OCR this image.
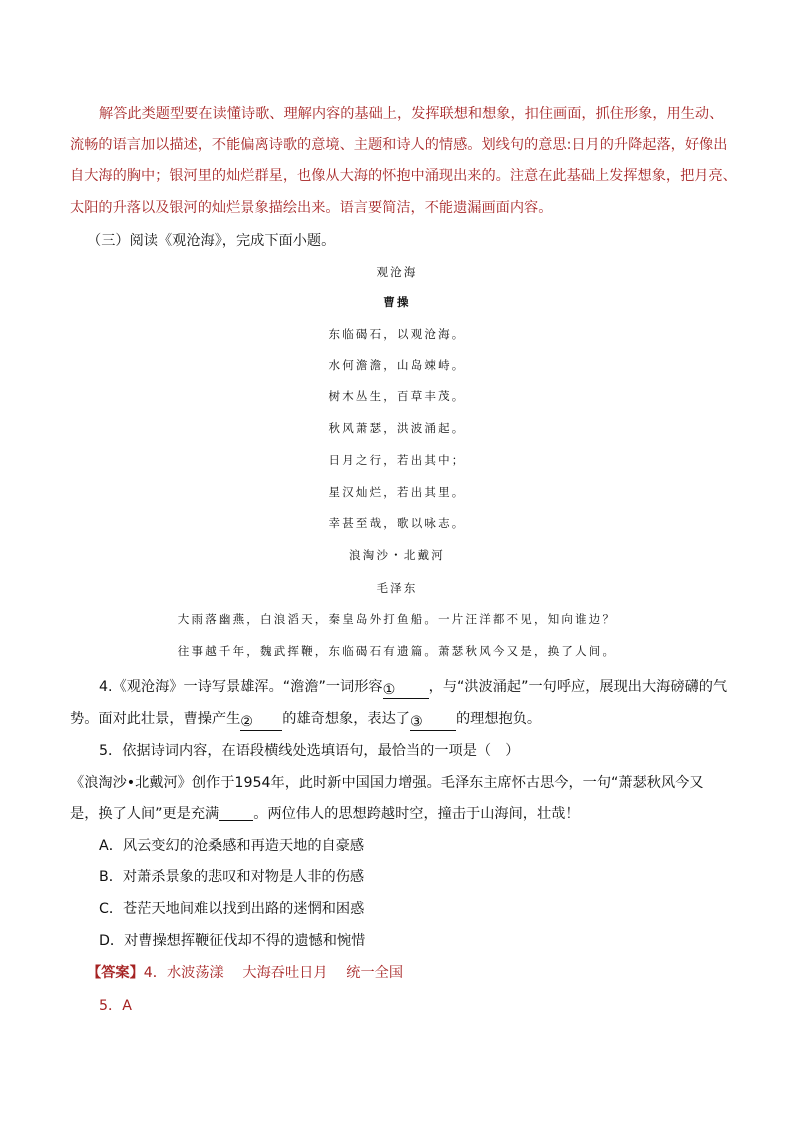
解答此类题型要在读懂诗歌、理解内容的基础上，发挥联想和想象，扣住画面，抓住形象，用生动、
流畅的语言加以描述，不能偏离诗歌的意境、主题和诗人的情感。划线句的意思:日月的升降起落，好像出
自大海的胸中；银河里的灿烂群星，也像从大海的怀抱中涌现出来的。注意在此基础上发挥想象，把月亮、
太阳的升落以及银河的灿烂景象描绘出来。语言要简洁，不能遗漏画面内容。
（三）阅读《观沧海》，完成下面小题。
观沧海
曹操
东临碣石，以观沧海。
水何澹澹，山岛竦峙。
树木丛生，百草丰茂。
秋风萧瑟，洪波涌起。
日月之行，若出其中；
星汉灿烂，若出其里。
幸甚至哉，歌以咏志。
浪淘沙・北戴河
毛泽东
大雨落幽燕，白浪滔天，秦皇岛外打鱼船。一片汪洋都不见，知向谁边？
往事越千年，魏武挥鞭，东临碣石有遗篇。萧瑟秋风今又是，换了人间。
4.《观沧海》一诗写景雄浑。“澹澹”一词形容① ，与“洪波涌起”一句呼应，展现出大海磅礴的气
势。面对此壮景，曹操产生② 的雄奇想象，表达了③ 的理想抱负。
5．依据诗词内容，在语段横线处选填语句，最恰当的一项是（　）
《浪淘沙•北戴河》创作于1954年，此时新中国国力增强。毛泽东主席怀古思今，一句“萧瑟秋风今又
是，换了人间”更是充满 。两位伟人的思想跨越时空，撞击于山海间，壮哉！
A．风云变幻的沧桑感和再造天地的自豪感
B．对萧杀景象的悲叹和对物是人非的伤感
C．苍茫天地间难以找到出路的迷惘和困惑
D．对曹操想挥鞭征伐却不得的遗憾和惋惜
【答案】4．水波荡漾　 大海吞吐日月　 统一全国
5．A
